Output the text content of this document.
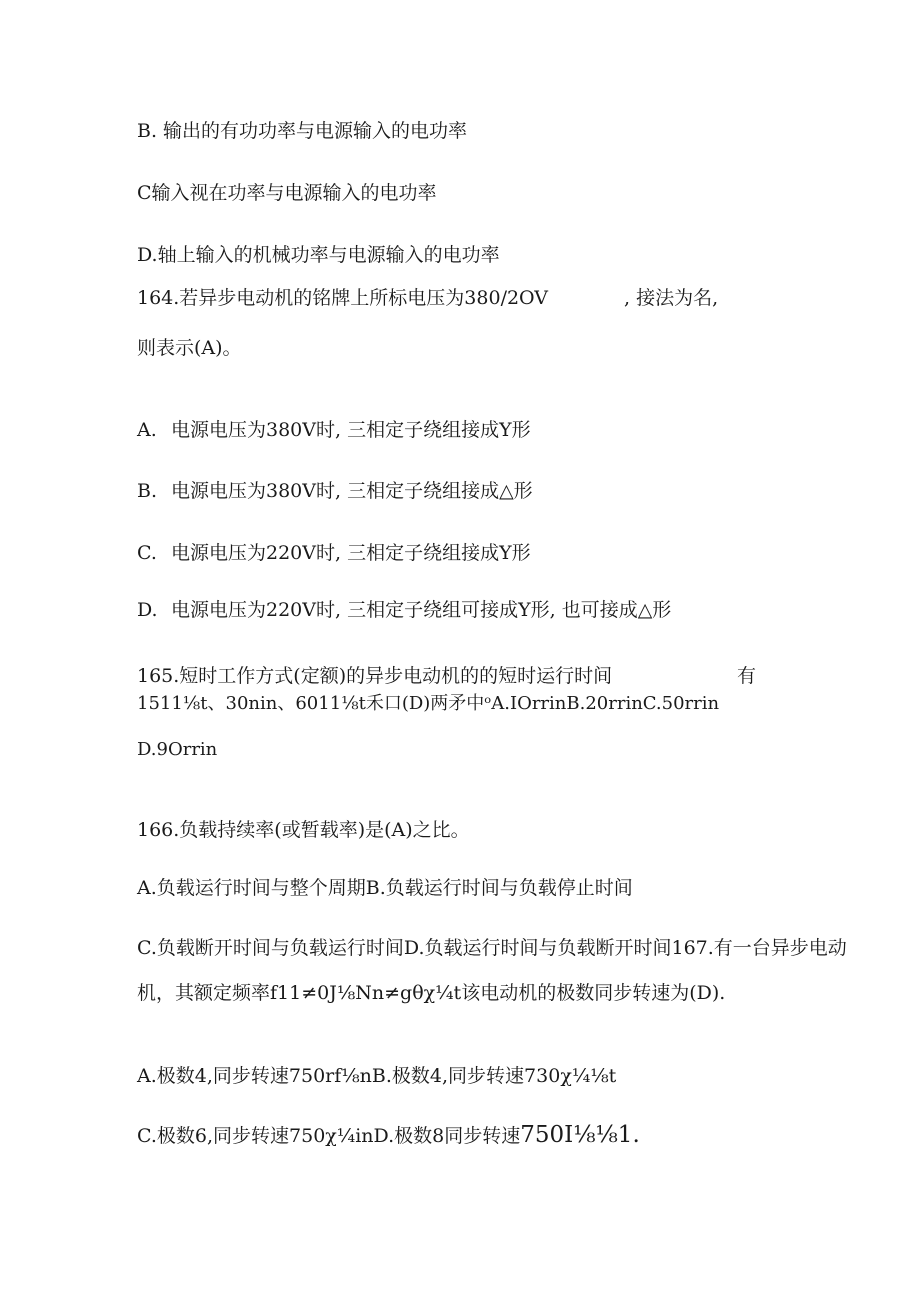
B. 输出的有功功率与电源输入的电功率

C输入视在功率与电源输入的电功率

D.轴上输入的机械功率与电源输入的电功率

164.若异步电动机的铭牌上所标电压为380/2OV	, 接法为名,

则表示(A)。

A. 电源电压为380V时, 三相定子绕组接成Y形

B. 电源电压为380V时, 三相定子绕组接成△形

C. 电源电压为220V时, 三相定子绕组接成Y形

D. 电源电压为220V时, 三相定子绕组可接成Y形, 也可接成△形

165.短时工作方式(定额)的异步电动机的的短时运行时间	有

1511⅛t、30nin、6011⅛t禾口(D)两矛中ᵒA.IOrrinB.20rrinC.50rrin

D.9Orrin

166.负载持续率(或暂载率)是(A)之比。

A.负载运行时间与整个周期B.负载运行时间与负载停止时间

C.负载断开时间与负载运行时间D.负载运行时间与负载断开时间167.有一台异步电动

机，其额定频率f11≠0J⅛Nn≠gθχ¼t该电动机的极数同步转速为(D).

A.极数4,同步转速750rf⅛nB.极数4,同步转速730χ¼⅛t

C.极数6,同步转速750χ¼inD.极数8同步转速750I⅛⅛1.
